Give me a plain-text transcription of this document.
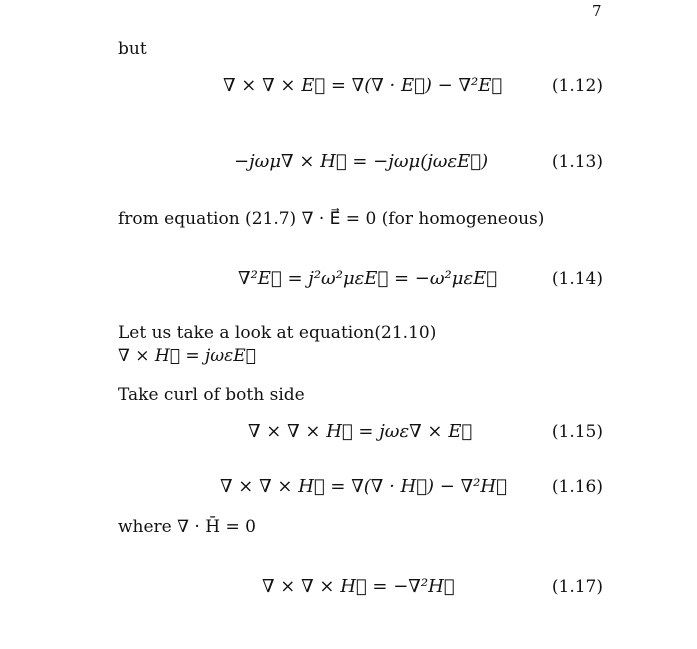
7
but
∇ × ∇ × E⃗ = ∇(∇ · E⃗) − ∇²E⃗	(1.12)
−jωμ∇ × H⃗ = −jωμ(jωεE⃗)	(1.13)
from equation (21.7) ∇ · E⃗ = 0 (for homogeneous)
∇²E⃗ = j²ω²μεE⃗ = −ω²μεE⃗	(1.14)
Let us take a look at equation(21.10)
∇ × H⃗ = jωεE⃗
Take curl of both side
∇ × ∇ × H⃗ = jωε∇ × E⃗	(1.15)
∇ × ∇ × H⃗ = ∇(∇ · H⃗) − ∇²H⃗	(1.16)
where ∇ · H̄ = 0
∇ × ∇ × H⃗ = −∇²H⃗	(1.17)
